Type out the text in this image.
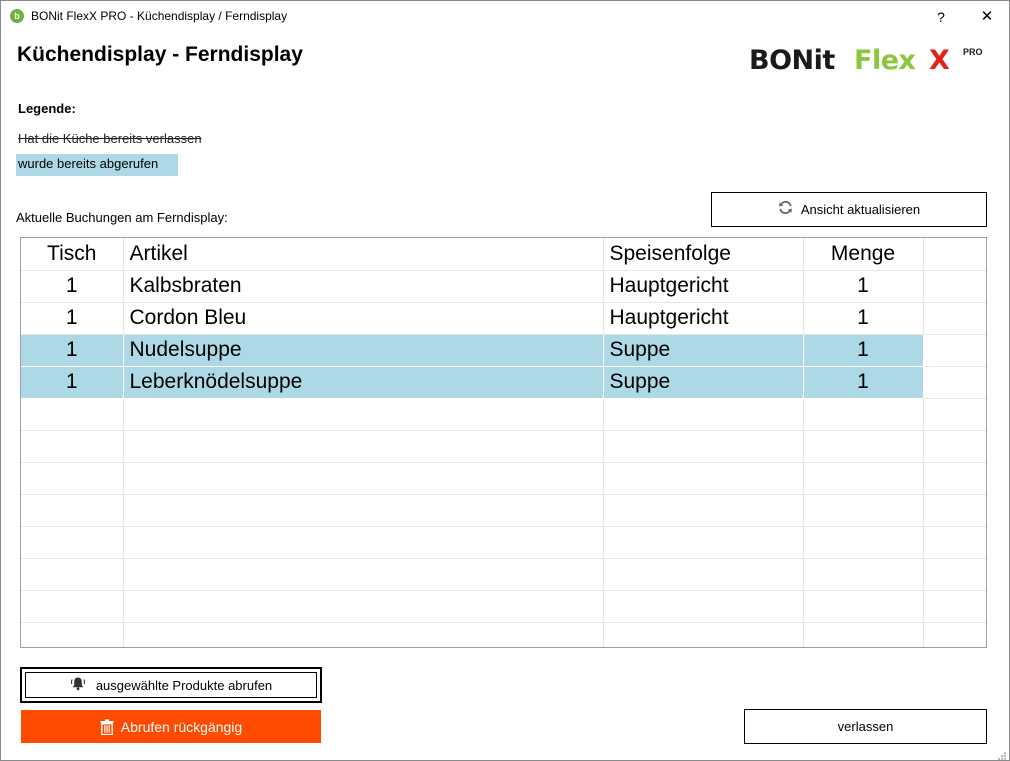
b BONit FlexX PRO - Küchendisplay / Ferndisplay	?	✕
Küchendisplay - Ferndisplay	BONit Flex X PRO
Legende:
Hat die Küche bereits verlassen
wurde bereits abgerufen
Aktuelle Buchungen am Ferndisplay:
Ansicht aktualisieren
Tisch	Artikel	Speisenfolge	Menge	
1	Kalbsbraten	Hauptgericht	1	
1	Cordon Bleu	Hauptgericht	1	
1	Nudelsuppe	Suppe	1	
1	Leberknödelsuppe	Suppe	1	

ausgewählte Produkte abrufen
Abrufen rückgängig	verlassen
